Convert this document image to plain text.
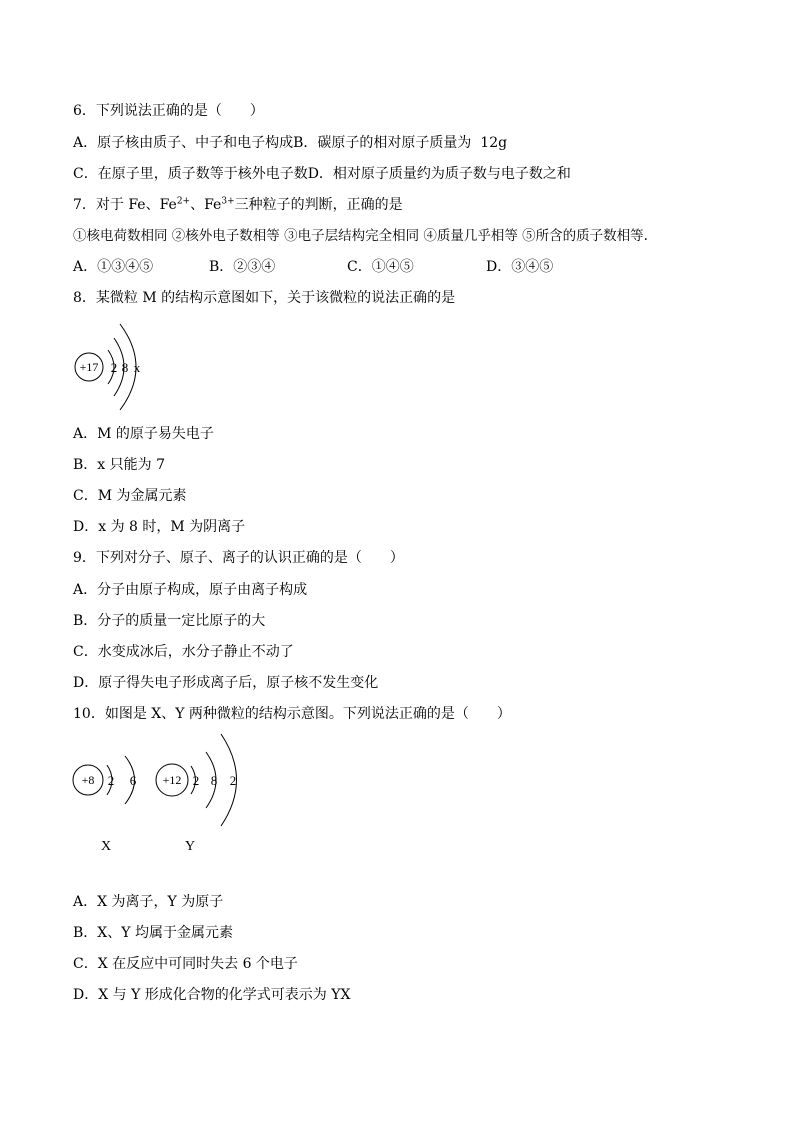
6．下列说法正确的是（　　）
A．原子核由质子、中子和电子构成B．碳原子的相对原子质量为  12g
C．在原子里，质子数等于核外电子数D．相对原子质量约为质子数与电子数之和
7．对于 Fe、$Fe^{2+}$、$Fe^{3+}$三种粒子的判断，正确的是
①核电荷数相同 ②核外电子数相等 ③电子层结构完全相同 ④质量几乎相等 ⑤所含的质子数相等.
A．①③④⑤	B．②③④	C．①④⑤	D．③④⑤
8．某微粒 M 的结构示意图如下，关于该微粒的说法正确的是
+17 2 8 x
A．M 的原子易失电子
B．x 只能为 7
C．M 为金属元素
D．x 为 8 时，M 为阴离子
9．下列对分子、原子、离子的认识正确的是（　　）
A．分子由原子构成，原子由离子构成
B．分子的质量一定比原子的大
C．水变成冰后，水分子静止不动了
D．原子得失电子形成离子后，原子核不发生变化
10．如图是 X、Y 两种微粒的结构示意图。下列说法正确的是（　　）
+8 2 6
X
+12 2 8 2
Y
A．X 为离子，Y 为原子
B．X、Y 均属于金属元素
C．X 在反应中可同时失去 6 个电子
D．X 与 Y 形成化合物的化学式可表示为 YX
